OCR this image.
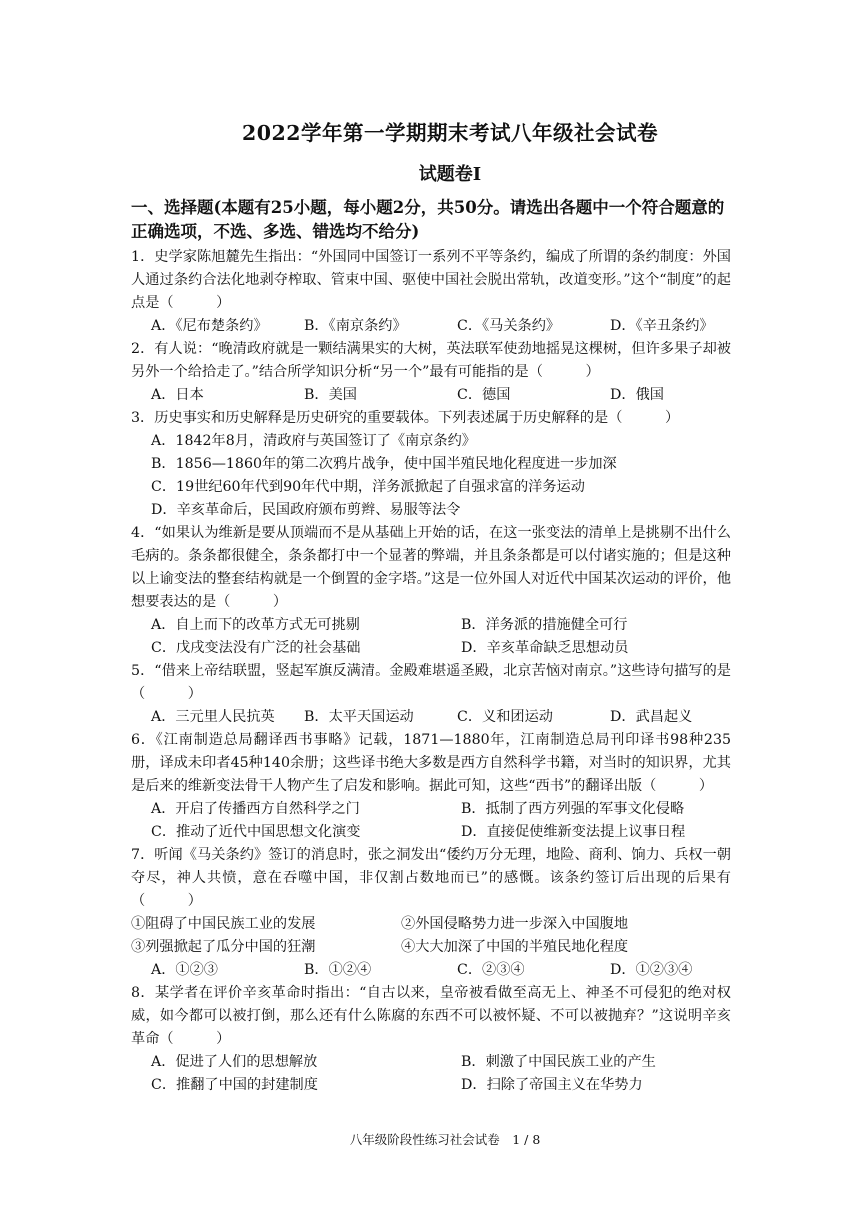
2022学年第一学期期末考试八年级社会试卷
试题卷Ⅰ
一、选择题(本题有25小题，每小题2分，共50分。请选出各题中一个符合题意的正确选项，不选、多选、错选均不给分)

1．史学家陈旭麓先生指出：“外国同中国签订一系列不平等条约，编成了所谓的条约制度：外国人通过条约合法化地剥夺榨取、管束中国、驱使中国社会脱出常轨，改道变形。”这个“制度”的起点是（　　　）

A．《尼布楚条约》	B．《南京条约》	C．《马关条约》	D．《辛丑条约》

2．有人说：“晚清政府就是一颗结满果实的大树，英法联军使劲地摇晃这棵树，但许多果子却被另外一个给拾走了。”结合所学知识分析“另一个”最有可能指的是（　　　）

A．日本	B．美国	C．德国	D．俄国

3．历史事实和历史解释是历史研究的重要载体。下列表述属于历史解释的是（　　　）

A．1842年8月，清政府与英国签订了《南京条约》
B．1856—1860年的第二次鸦片战争，使中国半殖民地化程度进一步加深
C．19世纪60年代到90年代中期，洋务派掀起了自强求富的洋务运动
D．辛亥革命后，民国政府颁布剪辫、易服等法令

4．“如果认为维新是要从顶端而不是从基础上开始的话，在这一张变法的清单上是挑剔不出什么毛病的。条条都很健全，条条都打中一个显著的弊端，并且条条都是可以付诸实施的；但是这种以上谕变法的整套结构就是一个倒置的金字塔。”这是一位外国人对近代中国某次运动的评价，他想要表达的是（　　　）

A．自上而下的改革方式无可挑剔	B．洋务派的措施健全可行
C．戊戌变法没有广泛的社会基础	D．辛亥革命缺乏思想动员

5．“借来上帝结联盟，竖起军旗反满清。金殿难堪遥圣殿，北京苦恼对南京。”这些诗句描写的是（　　　）

A．三元里人民抗英	B．太平天国运动	C．义和团运动	D．武昌起义

6．《江南制造总局翻译西书事略》记载，1871—1880年，江南制造总局刊印译书98种235册，译成未印者45种140余册；这些译书绝大多数是西方自然科学书籍，对当时的知识界，尤其是后来的维新变法骨干人物产生了启发和影响。据此可知，这些“西书”的翻译出版（　　　）

A．开启了传播西方自然科学之门	B．抵制了西方列强的军事文化侵略
C．推动了近代中国思想文化演变	D．直接促使维新变法提上议事日程

7．听闻《马关条约》签订的消息时，张之洞发出“倭约万分无理，地险、商利、饷力、兵权一朝夺尽，神人共愤，意在吞噬中国，非仅割占数地而已”的感慨。该条约签订后出现的后果有（　　　）

①阻碍了中国民族工业的发展	②外国侵略势力进一步深入中国腹地
③列强掀起了瓜分中国的狂潮	④大大加深了中国的半殖民地化程度
A．①②③	B．①②④	C．②③④	D．①②③④

8．某学者在评价辛亥革命时指出：“自古以来，皇帝被看做至高无上、神圣不可侵犯的绝对权威，如今都可以被打倒，那么还有什么陈腐的东西不可以被怀疑、不可以被抛弃？”这说明辛亥革命（　　　）

A．促进了人们的思想解放	B．刺激了中国民族工业的产生
C．推翻了中国的封建制度	D．扫除了帝国主义在华势力
八年级阶段性练习社会试卷　1 / 8
